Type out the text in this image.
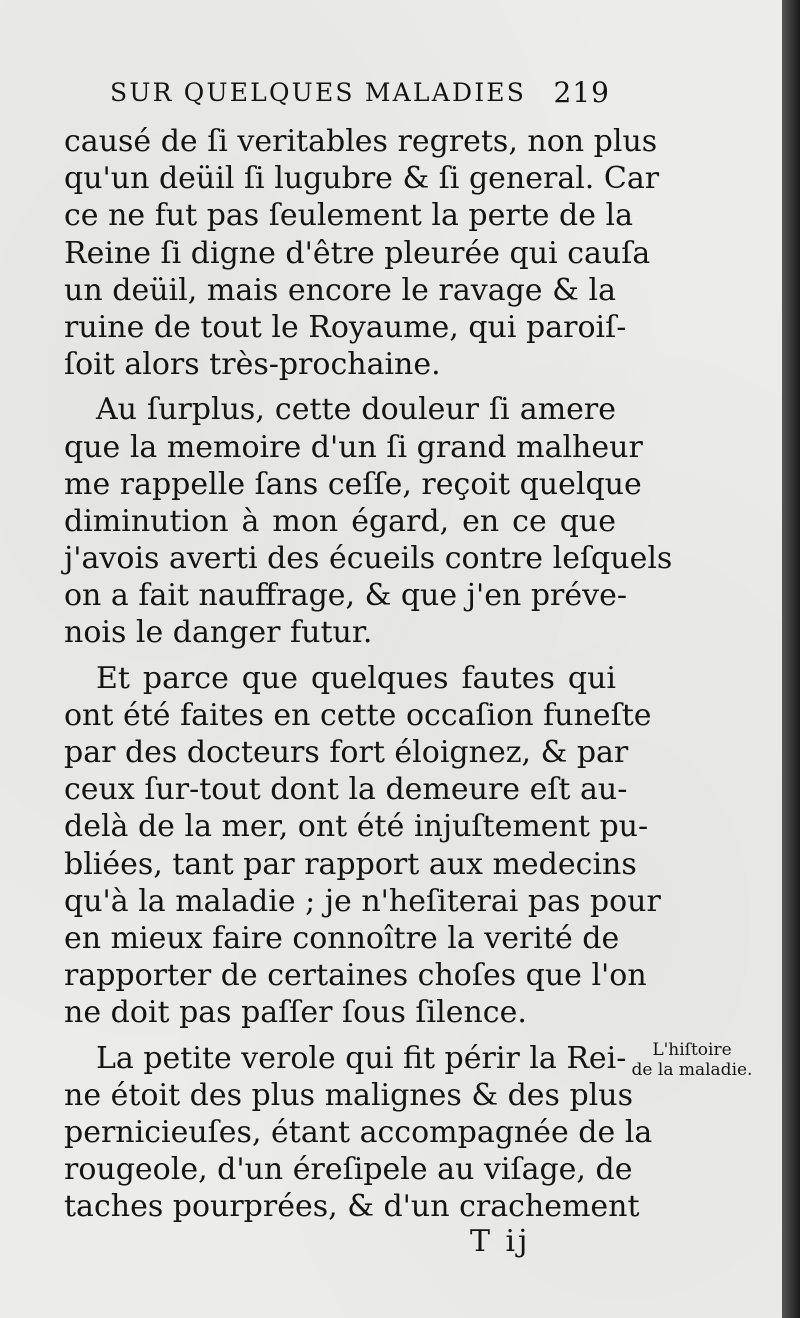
SUR QUELQUES MALADIES 219
causé de ſi veritables regrets, non plus
qu'un deüil ſi lugubre & ſi general. Car
ce ne fut pas ſeulement la perte de la
Reine ſi digne d'être pleurée qui cauſa
un deüil, mais encore le ravage & la
ruine de tout le Royaume, qui paroiſ-
ſoit alors très-prochaine.
Au ſurplus, cette douleur ſi amere
que la memoire d'un ſi grand malheur
me rappelle ſans ceſſe, reçoit quelque
diminution à mon égard, en ce que
j'avois averti des écueils contre leſquels
on a fait nauffrage, & que j'en préve-
nois le danger futur.
Et parce que quelques fautes qui
ont été faites en cette occaſion funeſte
par des docteurs fort éloignez, & par
ceux ſur-tout dont la demeure eſt au-
delà de la mer, ont été injuſtement pu-
bliées, tant par rapport aux medecins
qu'à la maladie ; je n'heſiterai pas pour
en mieux faire connoître la verité de
rapporter de certaines choſes que l'on
ne doit pas paſſer ſous ſilence.
La petite verole qui fit périr la Rei-
ne étoit des plus malignes & des plus
pernicieuſes, étant accompagnée de la
rougeole, d'un éreſipele au viſage, de
taches pourprées, & d'un crachement
L'hiſtoire
de la maladie.
T ij
